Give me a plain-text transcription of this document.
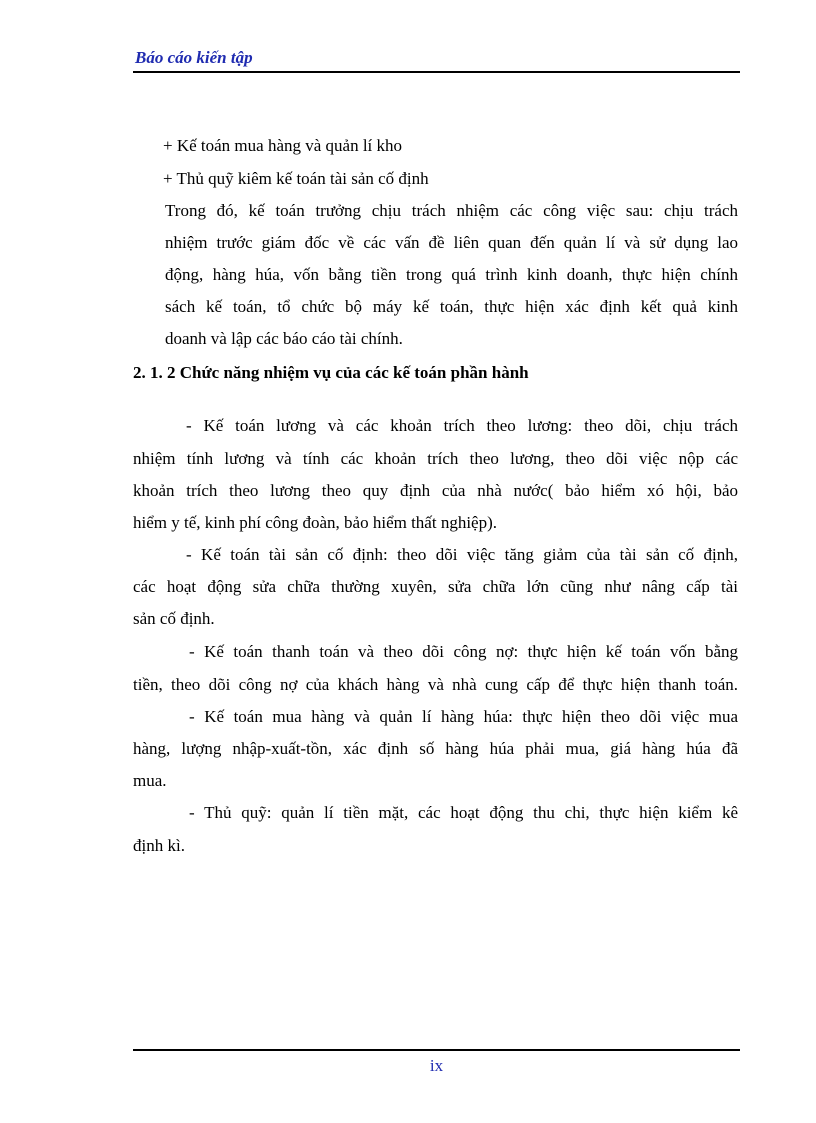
Báo cáo kiến tập
+ Kế toán mua hàng và quản lí kho
+ Thủ quỹ kiêm kế toán tài sản cố định
Trong đó, kế toán trưởng chịu trách nhiệm các công việc sau: chịu trách
nhiệm trước giám đốc về các vấn đề liên quan đến quản lí và sử dụng lao
động, hàng húa, vốn bằng tiền trong quá trình kinh doanh, thực hiện chính
sách kế toán, tổ chức bộ máy kế toán, thực hiện xác định kết quả kinh
doanh và lập các báo cáo tài chính.
2. 1. 2 Chức năng nhiệm vụ của các kế toán phần hành
- Kế toán lương và các khoản trích theo lương: theo dõi, chịu trách
nhiệm tính lương và tính các khoản trích theo lương, theo dõi việc nộp các
khoản trích theo lương theo quy định của nhà nước( bảo hiểm xó hội, bảo
hiểm y tế, kinh phí công đoàn, bảo hiểm thất nghiệp).
- Kế toán tài sản cố định: theo dõi việc tăng giảm của tài sản cố định,
các hoạt động sửa chữa thường xuyên, sửa chữa lớn cũng như nâng cấp tài
sản cố định.
- Kế toán thanh toán và theo dõi công nợ: thực hiện kế toán vốn bằng
tiền, theo dõi công nợ của khách hàng và nhà cung cấp để thực hiện thanh toán.
- Kế toán mua hàng và quản lí hàng húa: thực hiện theo dõi việc mua
hàng, lượng nhập-xuất-tồn, xác định số hàng húa phải mua, giá hàng húa đã
mua.
- Thủ quỹ: quản lí tiền mặt, các hoạt động thu chi, thực hiện kiểm kê
định kì.
ix
